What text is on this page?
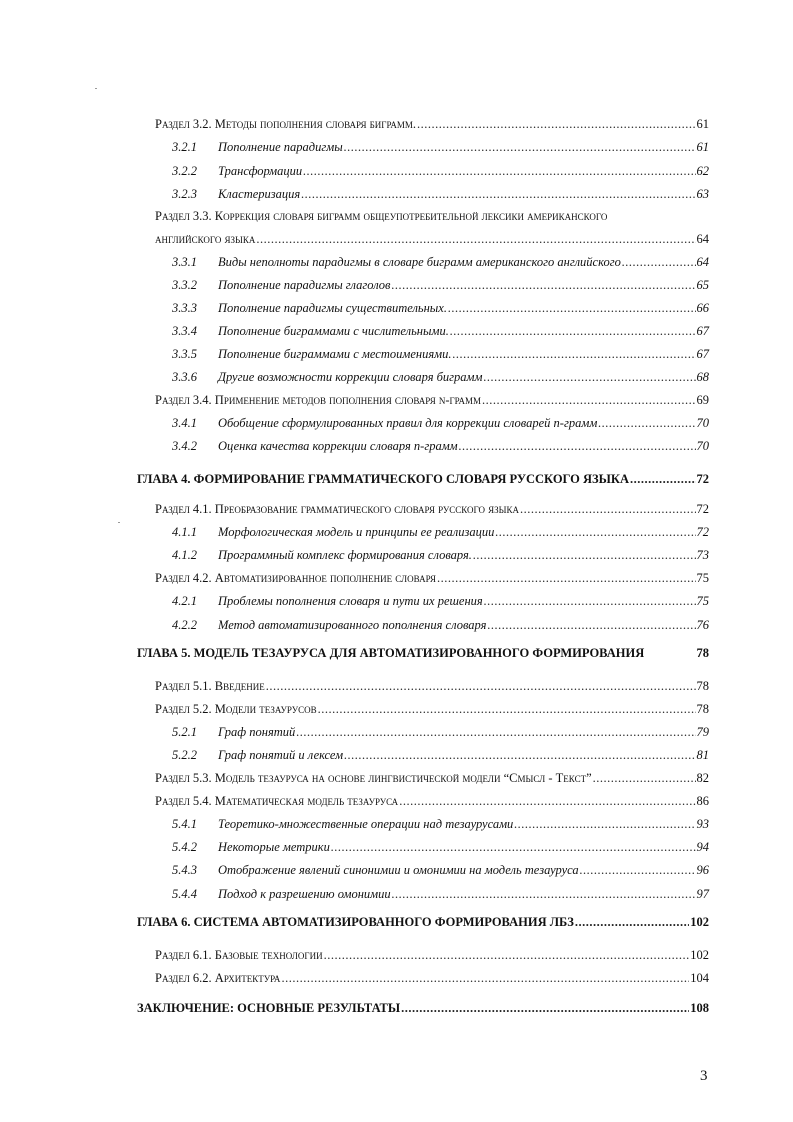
Раздел 3.2. Методы пополнения словаря биграмм. .....	61
3.2.1	Пополнение парадигмы .....	61
3.2.2	Трансформации .....	62
3.2.3	Кластеризация .....	63
Раздел 3.3. Коррекция словаря биграмм общеупотребительной лексики американского
английского языка .....	64
3.3.1	Виды неполноты парадигмы в словаре биграмм американского английского .....	64
3.3.2	Пополнение парадигмы глаголов .....	65
3.3.3	Пополнение парадигмы существительных. .....	66
3.3.4	Пополнение биграммами с числительными. .....	67
3.3.5	Пополнение биграммами с местоимениями. .....	67
3.3.6	Другие возможности коррекции словаря биграмм .....	68
Раздел 3.4. Применение методов пополнения словаря n-грамм .....	69
3.4.1	Обобщение сформулированных правил для коррекции словарей n-грамм .....	70
3.4.2	Оценка качества коррекции словаря n-грамм .....	70
ГЛАВА 4. ФОРМИРОВАНИЕ ГРАММАТИЧЕСКОГО СЛОВАРЯ РУССКОГО ЯЗЫКА .....	72
Раздел 4.1. Преобразование грамматического словаря русского языка .....	72
4.1.1	Морфологическая модель и принципы ее реализации .....	72
4.1.2	Программный комплекс формирования словаря. .....	73
Раздел 4.2. Автоматизированное пополнение словаря .....	75
4.2.1	Проблемы пополнения словаря и пути их решения .....	75
4.2.2	Метод автоматизированного пополнения словаря .....	76
ГЛАВА 5. МОДЕЛЬ ТЕЗАУРУСА ДЛЯ АВТОМАТИЗИРОВАННОГО ФОРМИРОВАНИЯ	78
Раздел 5.1. Введение .....	78
Раздел 5.2. Модели тезаурусов .....	78
5.2.1	Граф понятий .....	79
5.2.2	Граф понятий и лексем .....	81
Раздел 5.3. Модель тезауруса на основе лингвистической модели “Смысл - Текст” .....	82
Раздел 5.4. Математическая модель тезауруса .....	86
5.4.1	Теоретико-множественные операции над тезаурусами .....	93
5.4.2	Некоторые метрики .....	94
5.4.3	Отображение явлений синонимии и омонимии на модель тезауруса .....	96
5.4.4	Подход к разрешению омонимии .....	97
ГЛАВА 6. СИСТЕМА АВТОМАТИЗИРОВАННОГО ФОРМИРОВАНИЯ ЛБЗ .....	102
Раздел 6.1. Базовые технологии .....	102
Раздел 6.2. Архитектура .....	104
ЗАКЛЮЧЕНИЕ: ОСНОВНЫЕ РЕЗУЛЬТАТЫ .....	108
3
